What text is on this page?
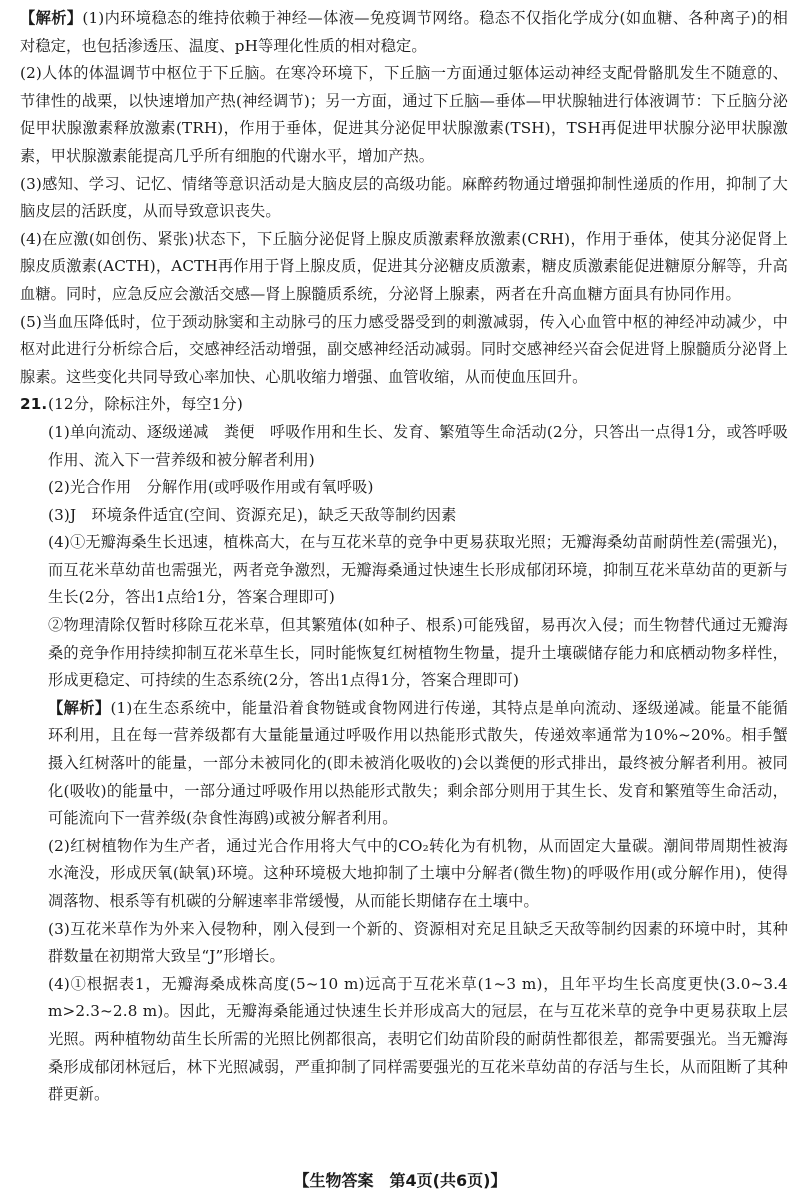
【解析】(1)内环境稳态的维持依赖于神经—体液—免疫调节网络。稳态不仅指化学成分(如血糖、各种离子)的相对稳定，也包括渗透压、温度、pH等理化性质的相对稳定。

(2)人体的体温调节中枢位于下丘脑。在寒冷环境下，下丘脑一方面通过躯体运动神经支配骨骼肌发生不随意的、节律性的战栗，以快速增加产热(神经调节)；另一方面，通过下丘脑—垂体—甲状腺轴进行体液调节：下丘脑分泌促甲状腺激素释放激素(TRH)，作用于垂体，促进其分泌促甲状腺激素(TSH)，TSH再促进甲状腺分泌甲状腺激素，甲状腺激素能提高几乎所有细胞的代谢水平，增加产热。

(3)感知、学习、记忆、情绪等意识活动是大脑皮层的高级功能。麻醉药物通过增强抑制性递质的作用，抑制了大脑皮层的活跃度，从而导致意识丧失。

(4)在应激(如创伤、紧张)状态下，下丘脑分泌促肾上腺皮质激素释放激素(CRH)，作用于垂体，使其分泌促肾上腺皮质激素(ACTH)，ACTH再作用于肾上腺皮质，促进其分泌糖皮质激素，糖皮质激素能促进糖原分解等，升高血糖。同时，应急反应会激活交感—肾上腺髓质系统，分泌肾上腺素，两者在升高血糖方面具有协同作用。

(5)当血压降低时，位于颈动脉窦和主动脉弓的压力感受器受到的刺激减弱，传入心血管中枢的神经冲动减少，中枢对此进行分析综合后，交感神经活动增强，副交感神经活动减弱。同时交感神经兴奋会促进肾上腺髓质分泌肾上腺素。这些变化共同导致心率加快、心肌收缩力增强、血管收缩，从而使血压回升。

21.(12分，除标注外，每空1分)

(1)单向流动、逐级递减　粪便　呼吸作用和生长、发育、繁殖等生命活动(2分，只答出一点得1分，或答呼吸作用、流入下一营养级和被分解者利用)

(2)光合作用　分解作用(或呼吸作用或有氧呼吸)

(3)J　环境条件适宜(空间、资源充足)，缺乏天敌等制约因素

(4)①无瓣海桑生长迅速，植株高大，在与互花米草的竞争中更易获取光照；无瓣海桑幼苗耐荫性差(需强光)，而互花米草幼苗也需强光，两者竞争激烈，无瓣海桑通过快速生长形成郁闭环境，抑制互花米草幼苗的更新与生长(2分，答出1点给1分，答案合理即可)

②物理清除仅暂时移除互花米草，但其繁殖体(如种子、根系)可能残留，易再次入侵；而生物替代通过无瓣海桑的竞争作用持续抑制互花米草生长，同时能恢复红树植物生物量，提升土壤碳储存能力和底栖动物多样性，形成更稳定、可持续的生态系统(2分，答出1点得1分，答案合理即可)

【解析】(1)在生态系统中，能量沿着食物链或食物网进行传递，其特点是单向流动、逐级递减。能量不能循环利用，且在每一营养级都有大量能量通过呼吸作用以热能形式散失，传递效率通常为10%~20%。相手蟹摄入红树落叶的能量，一部分未被同化的(即未被消化吸收的)会以粪便的形式排出，最终被分解者利用。被同化(吸收)的能量中，一部分通过呼吸作用以热能形式散失；剩余部分则用于其生长、发育和繁殖等生命活动，可能流向下一营养级(杂食性海鸥)或被分解者利用。

(2)红树植物作为生产者，通过光合作用将大气中的CO₂转化为有机物，从而固定大量碳。潮间带周期性被海水淹没，形成厌氧(缺氧)环境。这种环境极大地抑制了土壤中分解者(微生物)的呼吸作用(或分解作用)，使得凋落物、根系等有机碳的分解速率非常缓慢，从而能长期储存在土壤中。

(3)互花米草作为外来入侵物种，刚入侵到一个新的、资源相对充足且缺乏天敌等制约因素的环境中时，其种群数量在初期常大致呈“J”形增长。

(4)①根据表1，无瓣海桑成株高度(5~10 m)远高于互花米草(1~3 m)，且年平均生长高度更快(3.0~3.4 m>2.3~2.8 m)。因此，无瓣海桑能通过快速生长并形成高大的冠层，在与互花米草的竞争中更易获取上层光照。两种植物幼苗生长所需的光照比例都很高，表明它们幼苗阶段的耐荫性都很差，都需要强光。当无瓣海桑形成郁闭林冠后，林下光照减弱，严重抑制了同样需要强光的互花米草幼苗的存活与生长，从而阻断了其种群更新。

【生物答案　第4页(共6页)】
